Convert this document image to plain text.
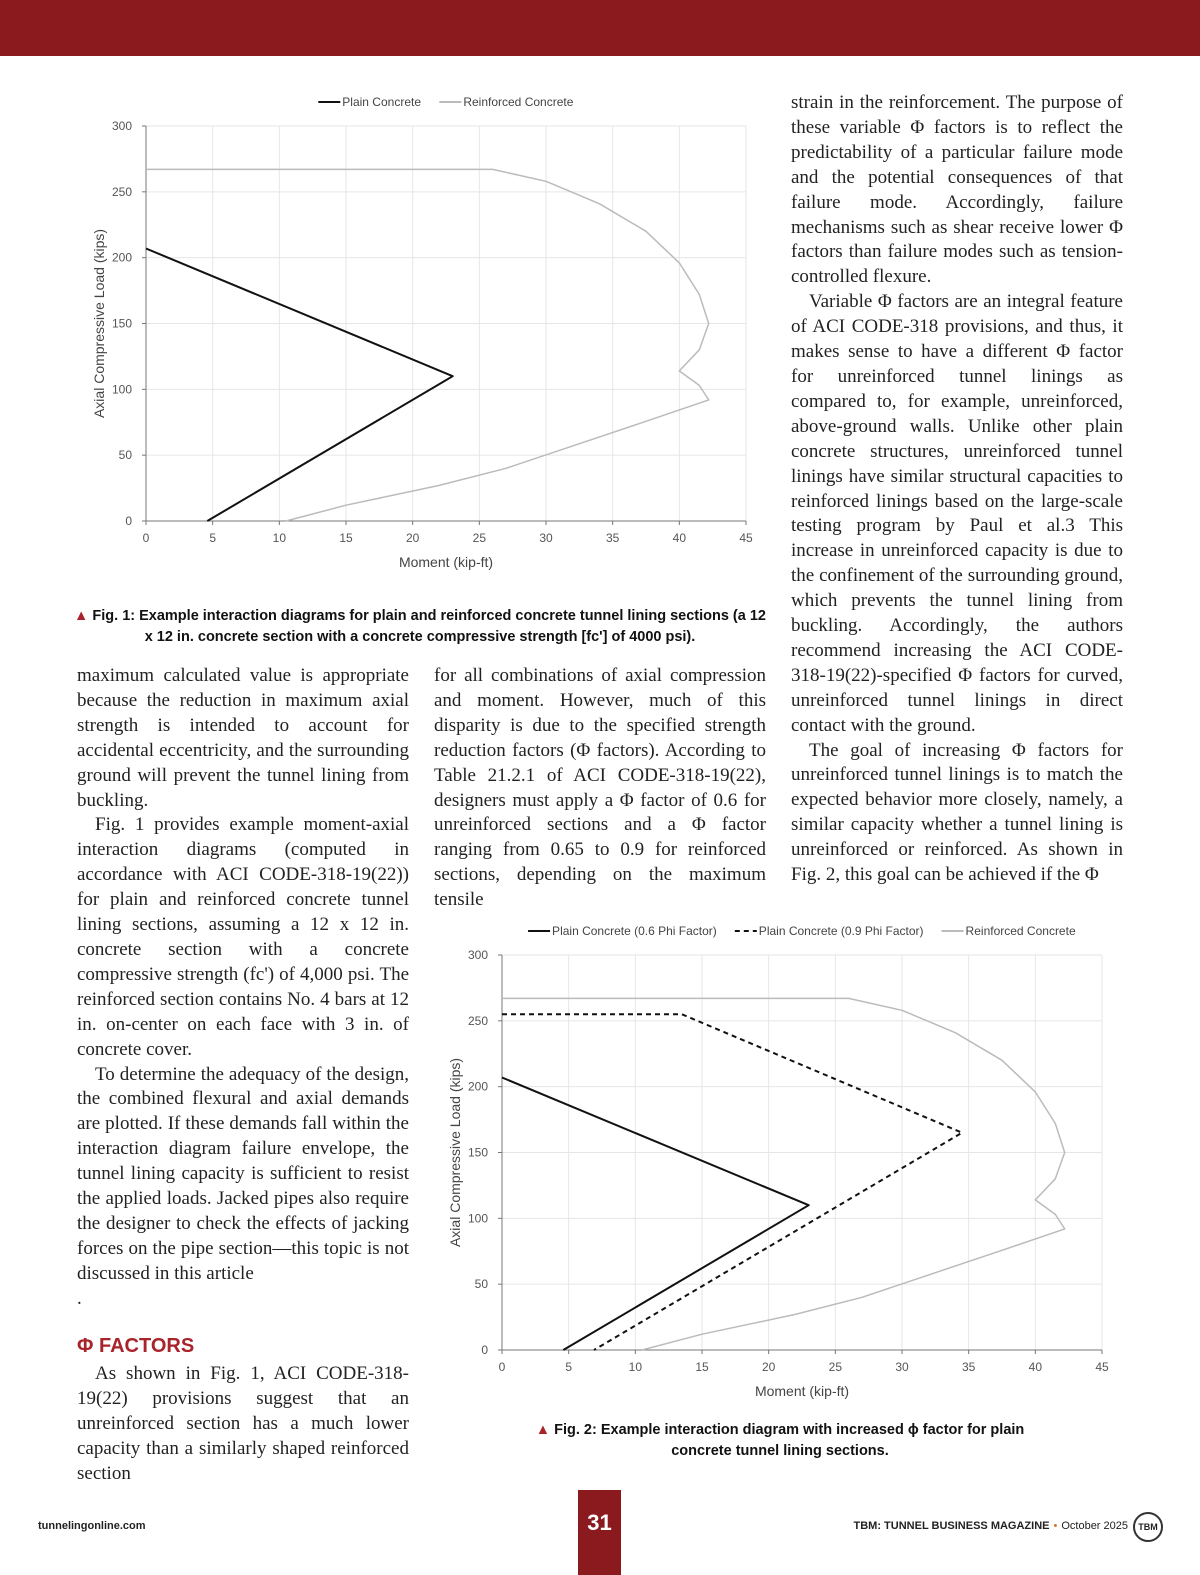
0	5	10	15	20	25	30	35	40	45
0
50
100
150
200
250
300
Moment (kip-ft)
Axial Compressive Load (kips)
Plain Concrete	Reinforced Concrete
▲ Fig. 1: Example interaction diagrams for plain and reinforced concrete tunnel lining sections (a 12 x 12 in. concrete section with a concrete compressive strength [fc'] of 4000 psi).
0	5	10	15	20	25	30	35	40	45
0
50
100
150
200
250
300
Moment (kip-ft)
Axial Compressive Load (kips)
Plain Concrete (0.6 Phi Factor)	Plain Concrete (0.9 Phi Factor)	Reinforced Concrete
▲ Fig. 2: Example interaction diagram with increased ϕ factor for plain concrete tunnel lining sections.

maximum calculated value is appropriate because the reduction in maximum axial strength is intended to account for accidental eccentricity, and the surrounding ground will prevent the tunnel lining from buckling.

Fig. 1 provides example moment-axial interaction diagrams (computed in accordance with ACI CODE-318-19(22)) for plain and reinforced concrete tunnel lining sections, assuming a 12 x 12 in. concrete section with a concrete compressive strength (fc') of 4,000 psi. The reinforced section contains No. 4 bars at 12 in. on-center on each face with 3 in. of concrete cover.

To determine the adequacy of the design, the combined flexural and axial demands are plotted. If these demands fall within the interaction diagram failure envelope, the tunnel lining capacity is sufficient to resist the applied loads. Jacked pipes also require the designer to check the effects of jacking forces on the pipe section—this topic is not discussed in this article

.

Φ FACTORS

As shown in Fig. 1, ACI CODE-318-19(22) provisions suggest that an unreinforced section has a much lower capacity than a similarly shaped reinforced section

for all combinations of axial compression and moment. However, much of this disparity is due to the specified strength reduction factors (Φ factors). According to Table 21.2.1 of ACI CODE-318-19(22), designers must apply a Φ factor of 0.6 for unreinforced sections and a Φ factor ranging from 0.65 to 0.9 for reinforced sections, depending on the maximum tensile

strain in the reinforcement. The purpose of these variable Φ factors is to reflect the predictability of a particular failure mode and the potential consequences of that failure mode. Accordingly, failure mechanisms such as shear receive lower Φ factors than failure modes such as tension-controlled flexure.

Variable Φ factors are an integral feature of ACI CODE-318 provisions, and thus, it makes sense to have a different Φ factor for unreinforced tunnel linings as compared to, for example, unreinforced, above-ground walls. Unlike other plain concrete structures, unreinforced tunnel linings have similar structural capacities to reinforced linings based on the large-scale testing program by Paul et al.3 This increase in unreinforced capacity is due to the confinement of the surrounding ground, which prevents the tunnel lining from buckling. Accordingly, the authors recommend increasing the ACI CODE-318-19(22)-specified Φ factors for curved, unreinforced tunnel linings in direct contact with the ground.

The goal of increasing Φ factors for unreinforced tunnel linings is to match the expected behavior more closely, namely, a similar capacity whether a tunnel lining is unreinforced or reinforced. As shown in Fig. 2, this goal can be achieved if the Φ

tunnelingonline.com	31	TBM: TUNNEL BUSINESS MAGAZINE • October 2025	TBM
